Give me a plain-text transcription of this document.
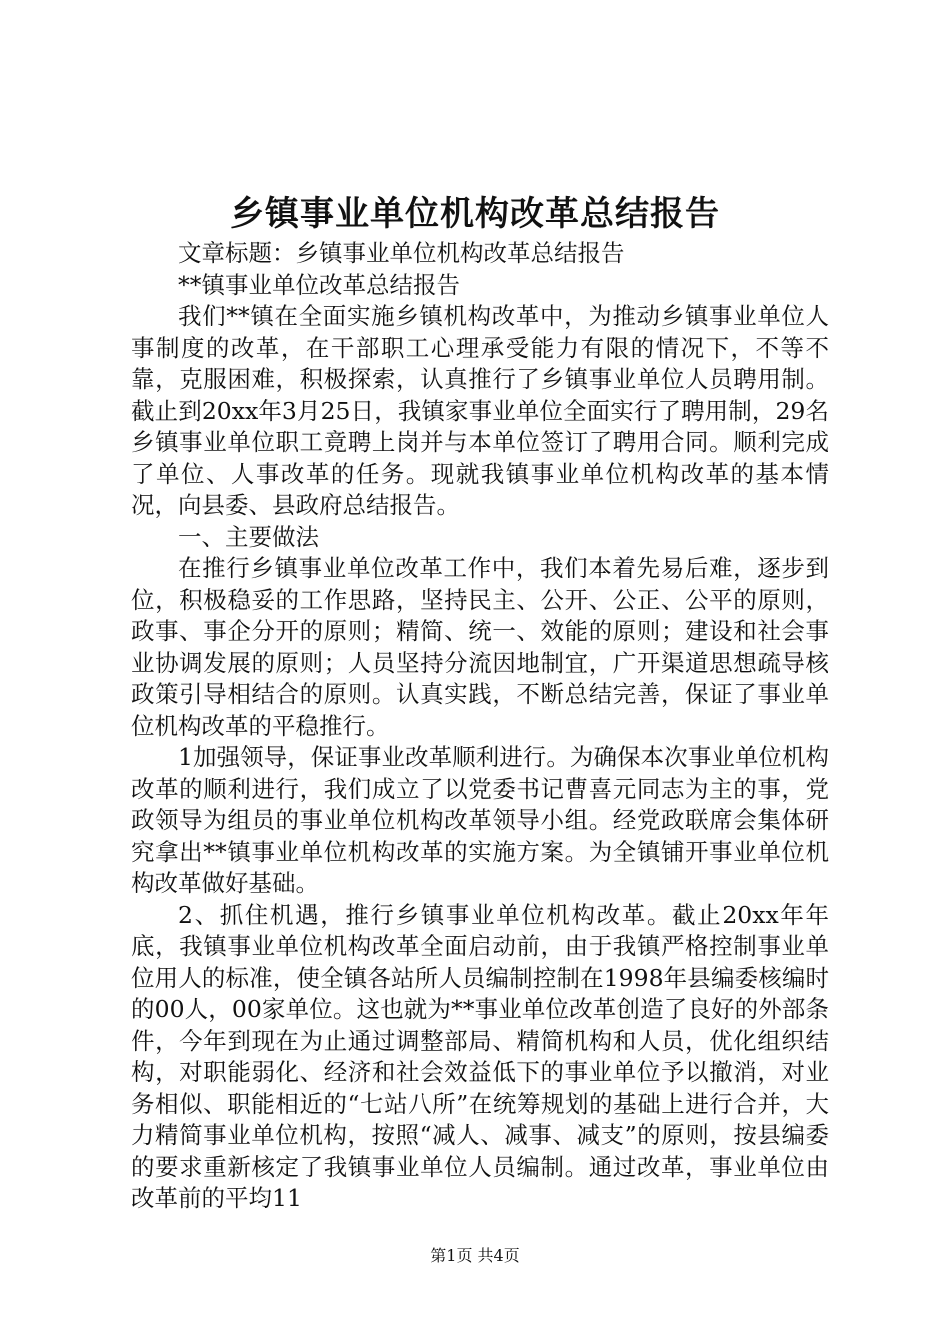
乡镇事业单位机构改革总结报告

文章标题：乡镇事业单位机构改革总结报告

**镇事业单位改革总结报告

我们**镇在全面实施乡镇机构改革中，为推动乡镇事业单位人事制度的改革，在干部职工心理承受能力有限的情况下，不等不靠，克服困难，积极探索，认真推行了乡镇事业单位人员聘用制。截止到20xx年3月25日，我镇家事业单位全面实行了聘用制，29名乡镇事业单位职工竟聘上岗并与本单位签订了聘用合同。顺利完成了单位、人事改革的任务。现就我镇事业单位机构改革的基本情况，向县委、县政府总结报告。

一、主要做法

在推行乡镇事业单位改革工作中，我们本着先易后难，逐步到位，积极稳妥的工作思路，坚持民主、公开、公正、公平的原则，政事、事企分开的原则；精简、统一、效能的原则；建设和社会事业协调发展的原则；人员坚持分流因地制宜，广开渠道思想疏导核政策引导相结合的原则。认真实践，不断总结完善，保证了事业单位机构改革的平稳推行。

1加强领导，保证事业改革顺利进行。为确保本次事业单位机构改革的顺利进行，我们成立了以党委书记曹喜元同志为主的事，党政领导为组员的事业单位机构改革领导小组。经党政联席会集体研究拿出**镇事业单位机构改革的实施方案。为全镇铺开事业单位机构改革做好基础。

2、抓住机遇，推行乡镇事业单位机构改革。截止20xx年年底，我镇事业单位机构改革全面启动前，由于我镇严格控制事业单位用人的标准，使全镇各站所人员编制控制在1998年县编委核编时的00人，00家单位。这也就为**事业单位改革创造了良好的外部条件，今年到现在为止通过调整部局、精简机构和人员，优化组织结构，对职能弱化、经济和社会效益低下的事业单位予以撤消，对业务相似、职能相近的“七站八所”在统筹规划的基础上进行合并，大力精简事业单位机构，按照“减人、减事、减支”的原则，按县编委的要求重新核定了我镇事业单位人员编制。通过改革，事业单位由改革前的平均11

第1页 共4页
